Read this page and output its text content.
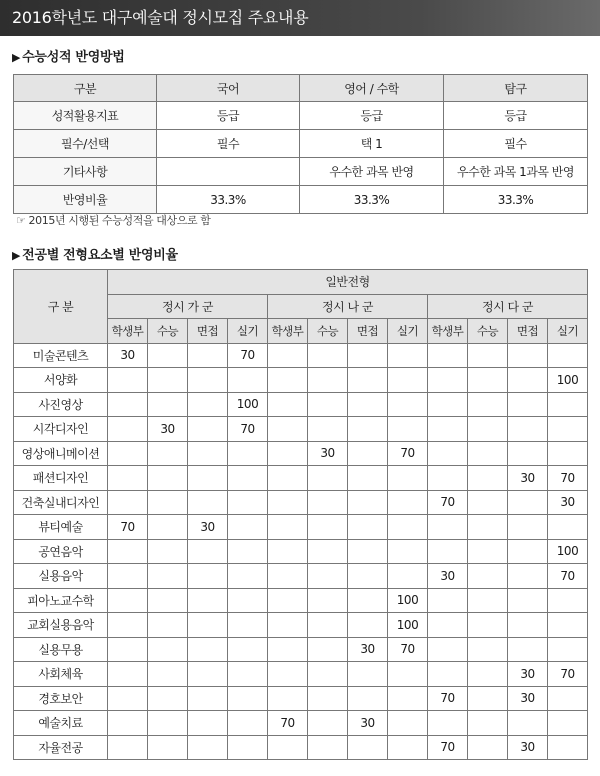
2016학년도 대구예술대 정시모집 주요내용
▶ 수능성적 반영방법
구분	국어	영어 / 수학	탐구
성적활용지표	등급	등급	등급
필수/선택	필수	택 1	필수
기타사항		우수한 과목 반영	우수한 과목 1과목 반영
반영비율	33.3%	33.3%	33.3%
☞ 2015년 시행된 수능성적을 대상으로 함
▶ 전공별 전형요소별 반영비율
구 분	일반전형											
	정시 가 군				정시 나 군				정시 다 군			
	학생부	수능	면접	실기	학생부	수능	면접	실기	학생부	수능	면접	실기
미술콘텐츠	30			70								
서양화												100
사진영상				100								
시각디자인		30		70								
영상애니메이션						30		70				
패션디자인											30	70
건축실내디자인									70			30
뷰티예술	70		30									
공연음악												100
실용음악									30			70
피아노교수학								100				
교회실용음악								100				
실용무용							30	70				
사회체육											30	70
경호보안									70		30	
예술치료					70		30					
자율전공									70		30	
